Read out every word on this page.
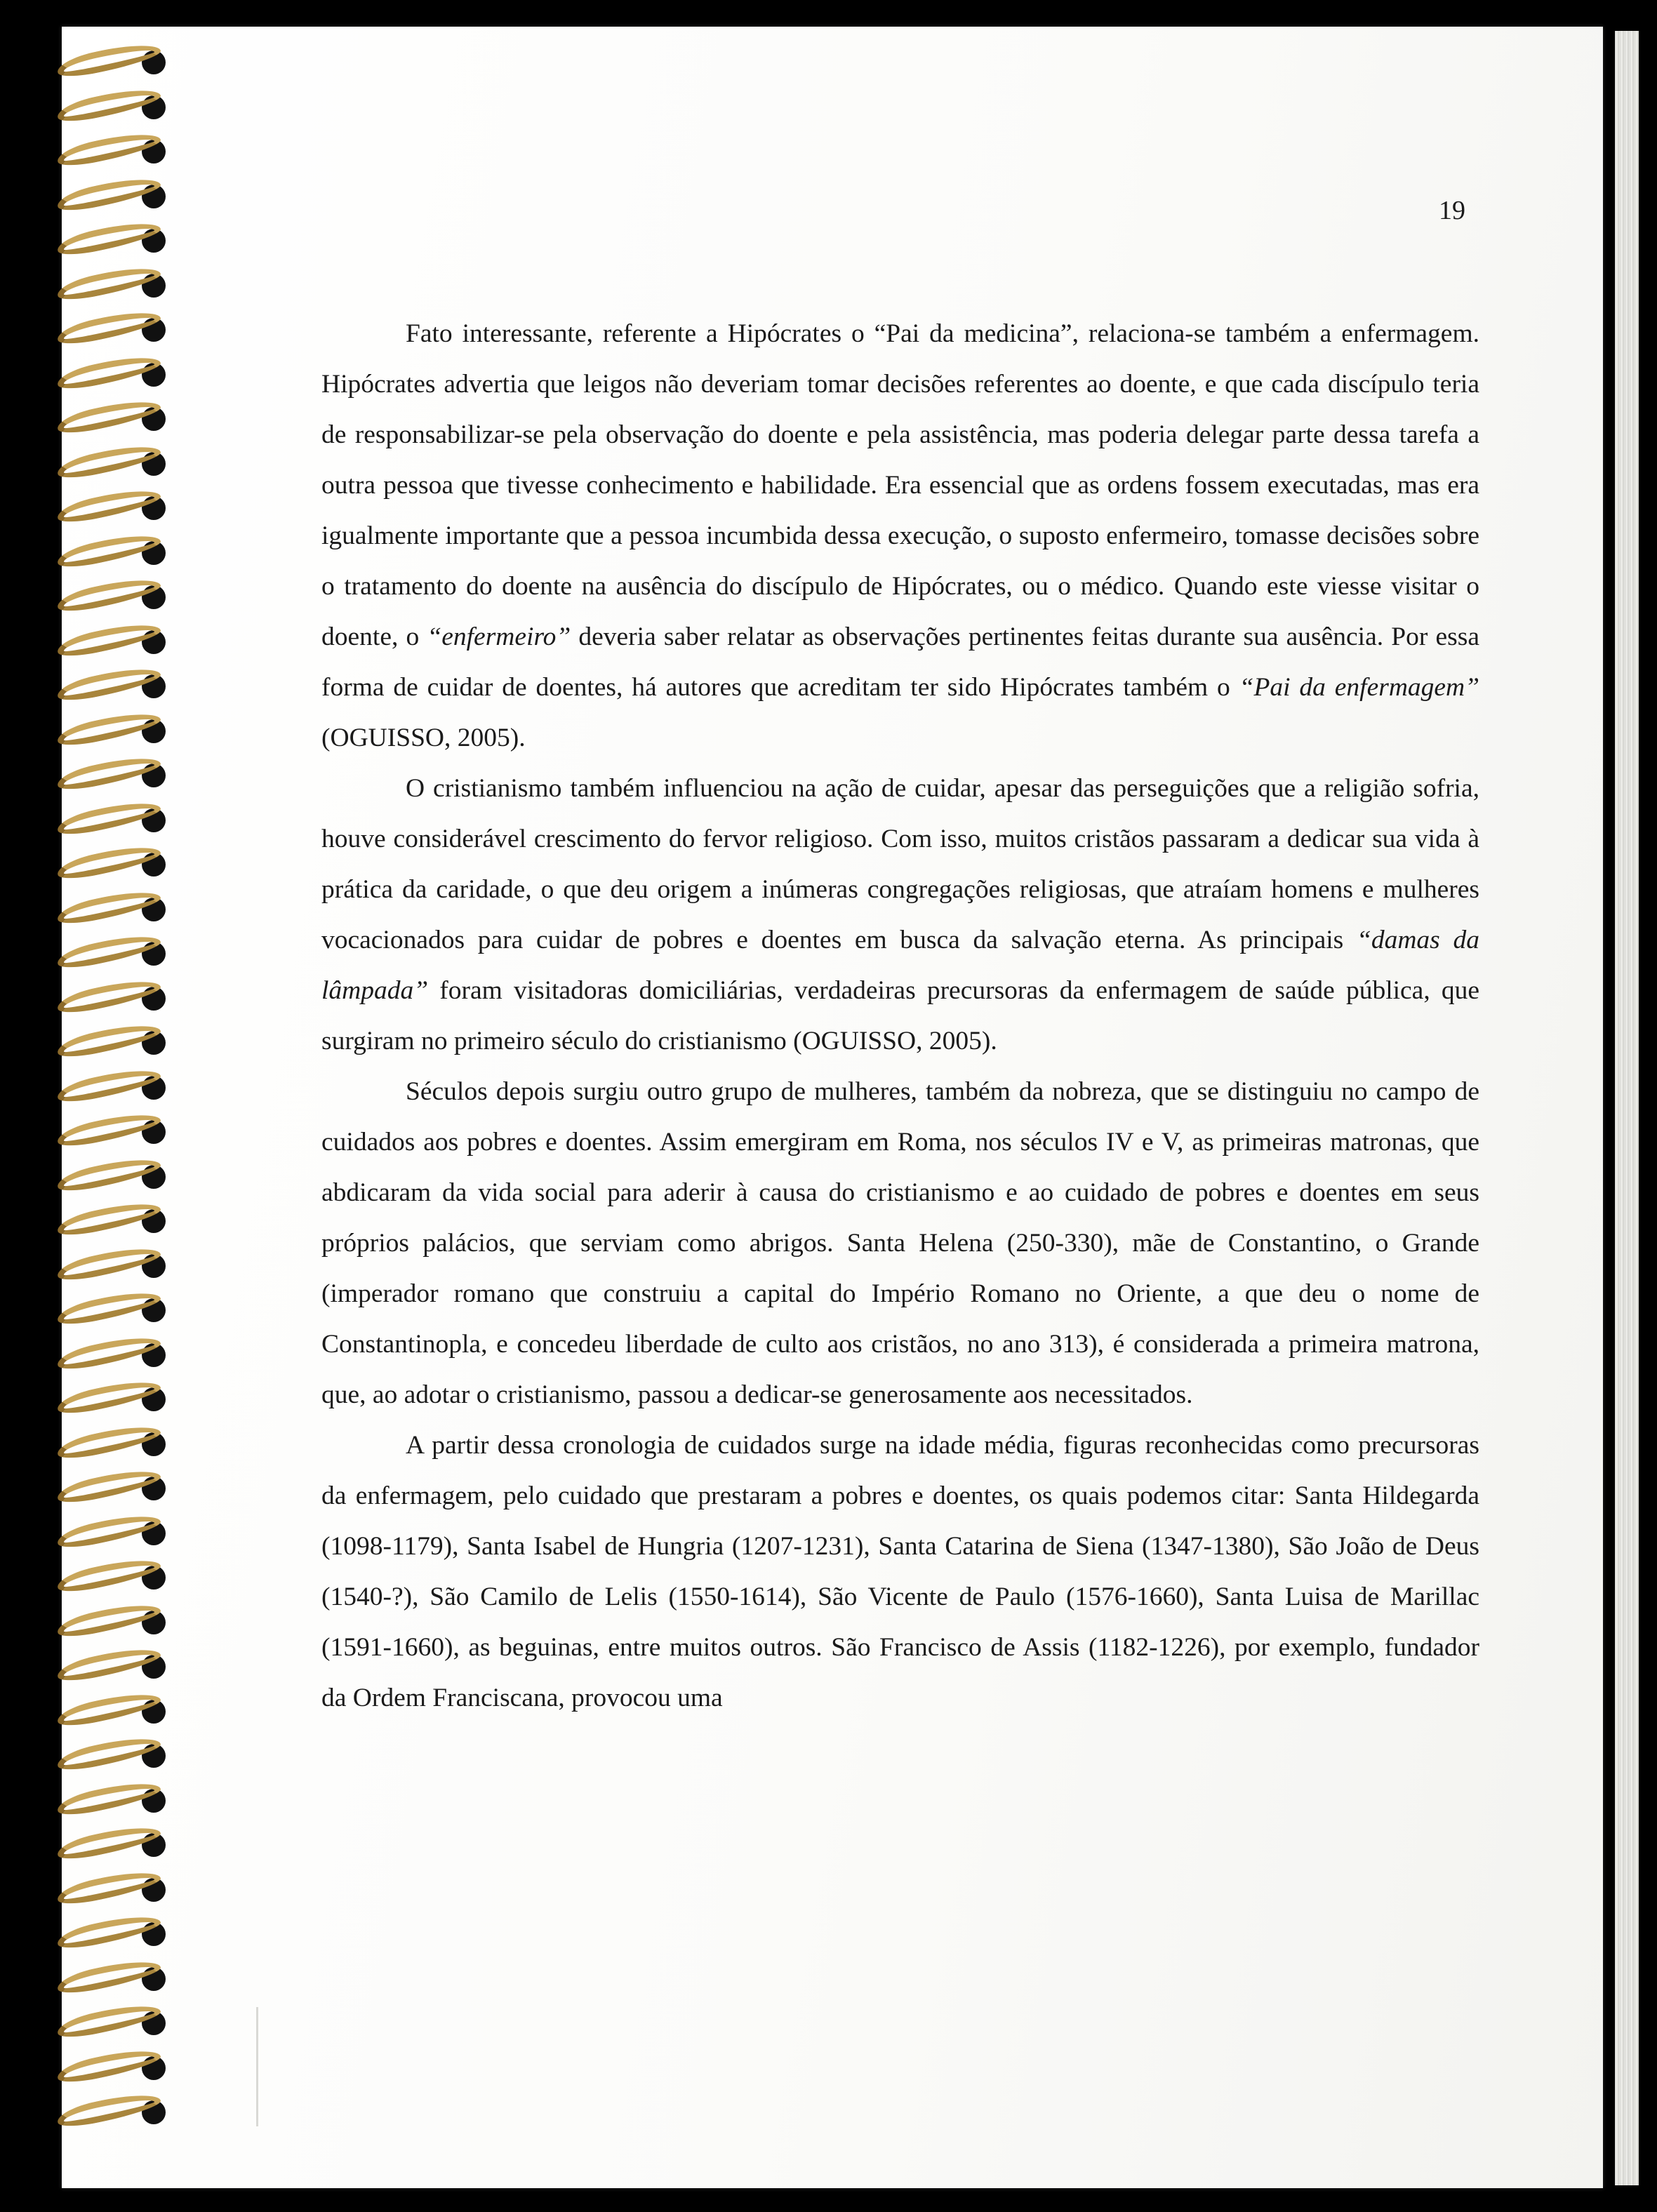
19

Fato interessante, referente a Hipócrates o “Pai da medicina”, relaciona-se também a enfermagem. Hipócrates advertia que leigos não deveriam tomar decisões referentes ao doente, e que cada discípulo teria de responsabilizar-se pela observação do doente e pela assistência, mas poderia delegar parte dessa tarefa a outra pessoa que tivesse conhecimento e habilidade. Era essencial que as ordens fossem executadas, mas era igualmente importante que a pessoa incumbida dessa execução, o suposto enfermeiro, tomasse decisões sobre o tratamento do doente na ausência do discípulo de Hipócrates, ou o médico. Quando este viesse visitar o doente, o “enfermeiro” deveria saber relatar as observações pertinentes feitas durante sua ausência. Por essa forma de cuidar de doentes, há autores que acreditam ter sido Hipócrates também o “Pai da enfermagem” (OGUISSO, 2005).

O cristianismo também influenciou na ação de cuidar, apesar das perseguições que a religião sofria, houve considerável crescimento do fervor religioso. Com isso, muitos cristãos passaram a dedicar sua vida à prática da caridade, o que deu origem a inúmeras congregações religiosas, que atraíam homens e mulheres vocacionados para cuidar de pobres e doentes em busca da salvação eterna. As principais “damas da lâmpada” foram visitadoras domiciliárias, verdadeiras precursoras da enfermagem de saúde pública, que surgiram no primeiro século do cristianismo (OGUISSO, 2005).

Séculos depois surgiu outro grupo de mulheres, também da nobreza, que se distinguiu no campo de cuidados aos pobres e doentes. Assim emergiram em Roma, nos séculos IV e V, as primeiras matronas, que abdicaram da vida social para aderir à causa do cristianismo e ao cuidado de pobres e doentes em seus próprios palácios, que serviam como abrigos. Santa Helena (250-330), mãe de Constantino, o Grande (imperador romano que construiu a capital do Império Romano no Oriente, a que deu o nome de Constantinopla, e concedeu liberdade de culto aos cristãos, no ano 313), é considerada a primeira matrona, que, ao adotar o cristianismo, passou a dedicar-se generosamente aos necessitados.

A partir dessa cronologia de cuidados surge na idade média, figuras reconhecidas como precursoras da enfermagem, pelo cuidado que prestaram a pobres e doentes, os quais podemos citar: Santa Hildegarda (1098-1179), Santa Isabel de Hungria (1207-1231), Santa Catarina de Siena (1347-1380), São João de Deus (1540-?), São Camilo de Lelis (1550-1614), São Vicente de Paulo (1576-1660), Santa Luisa de Marillac (1591-1660), as beguinas, entre muitos outros. São Francisco de Assis (1182-1226), por exemplo, fundador da Ordem Franciscana, provocou uma
